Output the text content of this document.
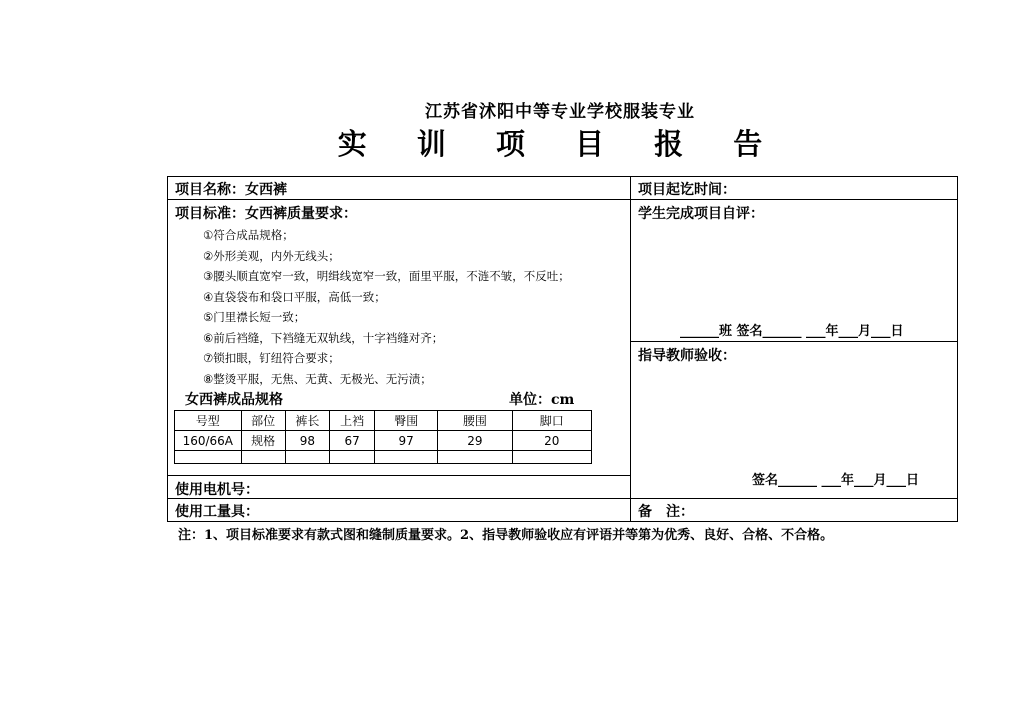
江苏省沭阳中等专业学校服装专业
实 训 项 目 报 告
项目名称：女西裤	项目起讫时间：
项目标准：女西裤质量要求：	学生完成项目自评：
①符合成品规格；
②外形美观，内外无线头；
③腰头顺直宽窄一致，明缉线宽窄一致，面里平服，不涟不皱，不反吐；
④直袋袋布和袋口平服，高低一致；
⑤门里襟长短一致；
⑥前后裆缝，下裆缝无双轨线，十字裆缝对齐；
⑦锁扣眼，钉纽符合要求；
⑧整烫平服，无焦、无黄、无极光、无污渍；
______班 签名______ ___年___月___日
指导教师验收：
签名______ ___年___月___日
女西裤成品规格	单位：cm
号型	部位	裤长	上裆	臀围	腰围	脚口
160/66A	规格	98	67	97	29	20

使用电机号：
使用工量具：	备　注：
注：1、项目标准要求有款式图和缝制质量要求。2、指导教师验收应有评语并等第为优秀、良好、合格、不合格。
